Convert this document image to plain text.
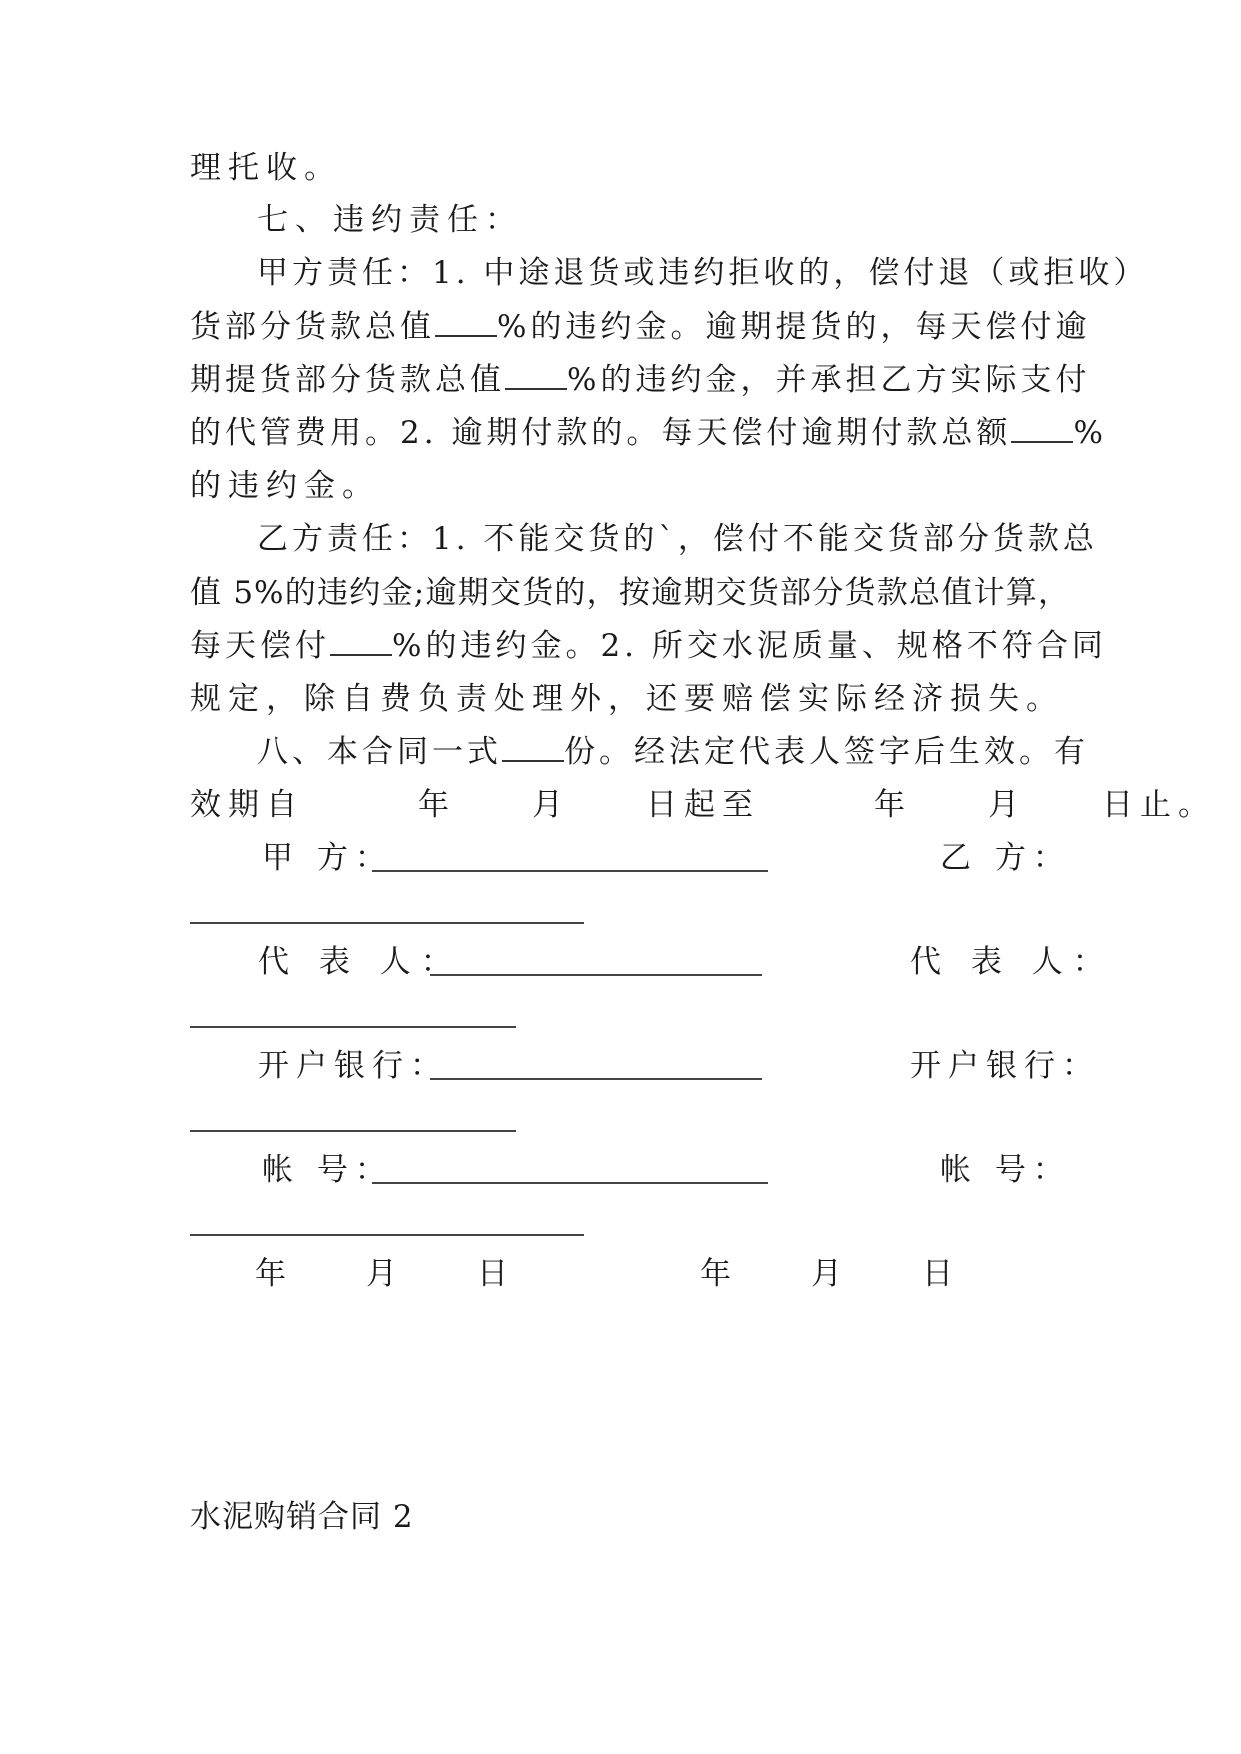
理托收。
七、违约责任：
甲方责任：1. 中途退货或违约拒收的，偿付退（或拒收）
货部分货款总值 %的违约金。逾期提货的，每天偿付逾
期提货部分货款总值 %的违约金，并承担乙方实际支付
的代管费用。2. 逾期付款的。每天偿付逾期付款总额 %
的违约金。
乙方责任：1. 不能交货的`，偿付不能交货部分货款总
值 5%的违约金;逾期交货的，按逾期交货部分货款总值计算，
每天偿付 %的违约金。2. 所交水泥质量、规格不符合同
规定，除自费负责处理外，还要赔偿实际经济损失。
八、本合同一式 份。经法定代表人签字后生效。有
效期自　　　年　　月　　日起至　　　年　　月　　日止。
甲 方：	乙 方：
代 表 人：	代 表 人：
开户银行：	开户银行：
帐 号：	帐 号：
年　　月　　日	年　　月　　日
水泥购销合同 2
